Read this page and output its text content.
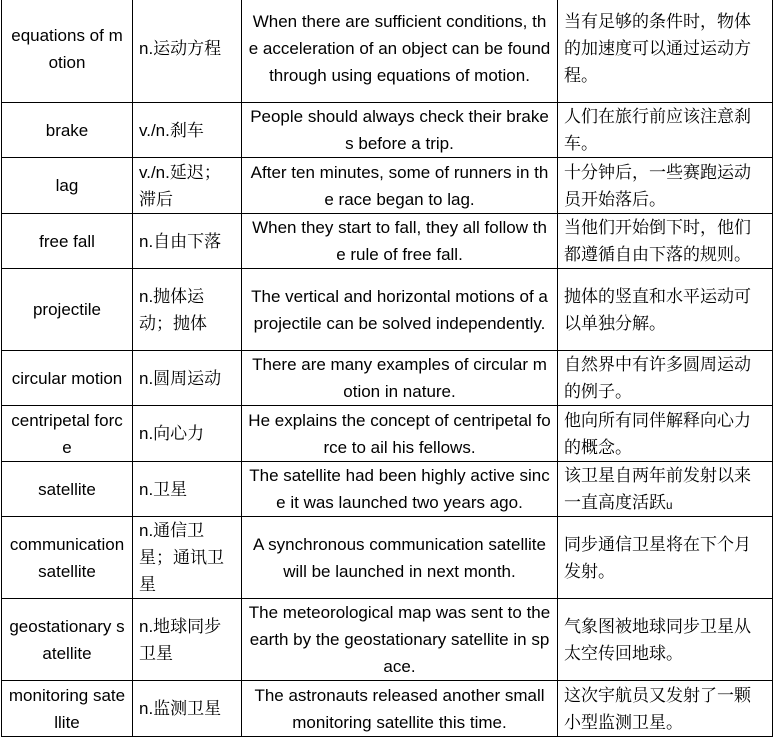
equations of motion	n.运动方程	When there are sufficient conditions, the acceleration of an object can be found through using equations of motion.	当有足够的条件时，物体的加速度可以通过运动方程。
brake	v./n.刹车	People should always check their brakes before a trip.	人们在旅行前应该注意刹车。
lag	v./n.延迟；滞后	After ten minutes, some of runners in the race began to lag.	十分钟后，一些赛跑运动员开始落后。
free fall	n.自由下落	When they start to fall, they all follow the rule of free fall.	当他们开始倒下时，他们都遵循自由下落的规则。
projectile	n.抛体运动；抛体	The vertical and horizontal motions of a projectile can be solved independently.	抛体的竖直和水平运动可以单独分解。
circular motion	n.圆周运动	There are many examples of circular motion in nature.	自然界中有许多圆周运动的例子。
centripetal force	n.向心力	He explains the concept of centripetal force to ail his fellows.	他向所有同伴解释向心力的概念。
satellite	n.卫星	The satellite had been highly active since it was launched two years ago.	该卫星自两年前发射以来一直高度活跃ᵤ
communication satellite	n.通信卫星；通讯卫星	A synchronous communication satellite will be launched in next month.	同步通信卫星将在下个月发射。
geostationary satellite	n.地球同步卫星	The meteorological map was sent to the earth by the geostationary satellite in space.	气象图被地球同步卫星从太空传回地球。
monitoring satellite	n.监测卫星	The astronauts released another small monitoring satellite this time.	这次宇航员又发射了一颗小型监测卫星。
